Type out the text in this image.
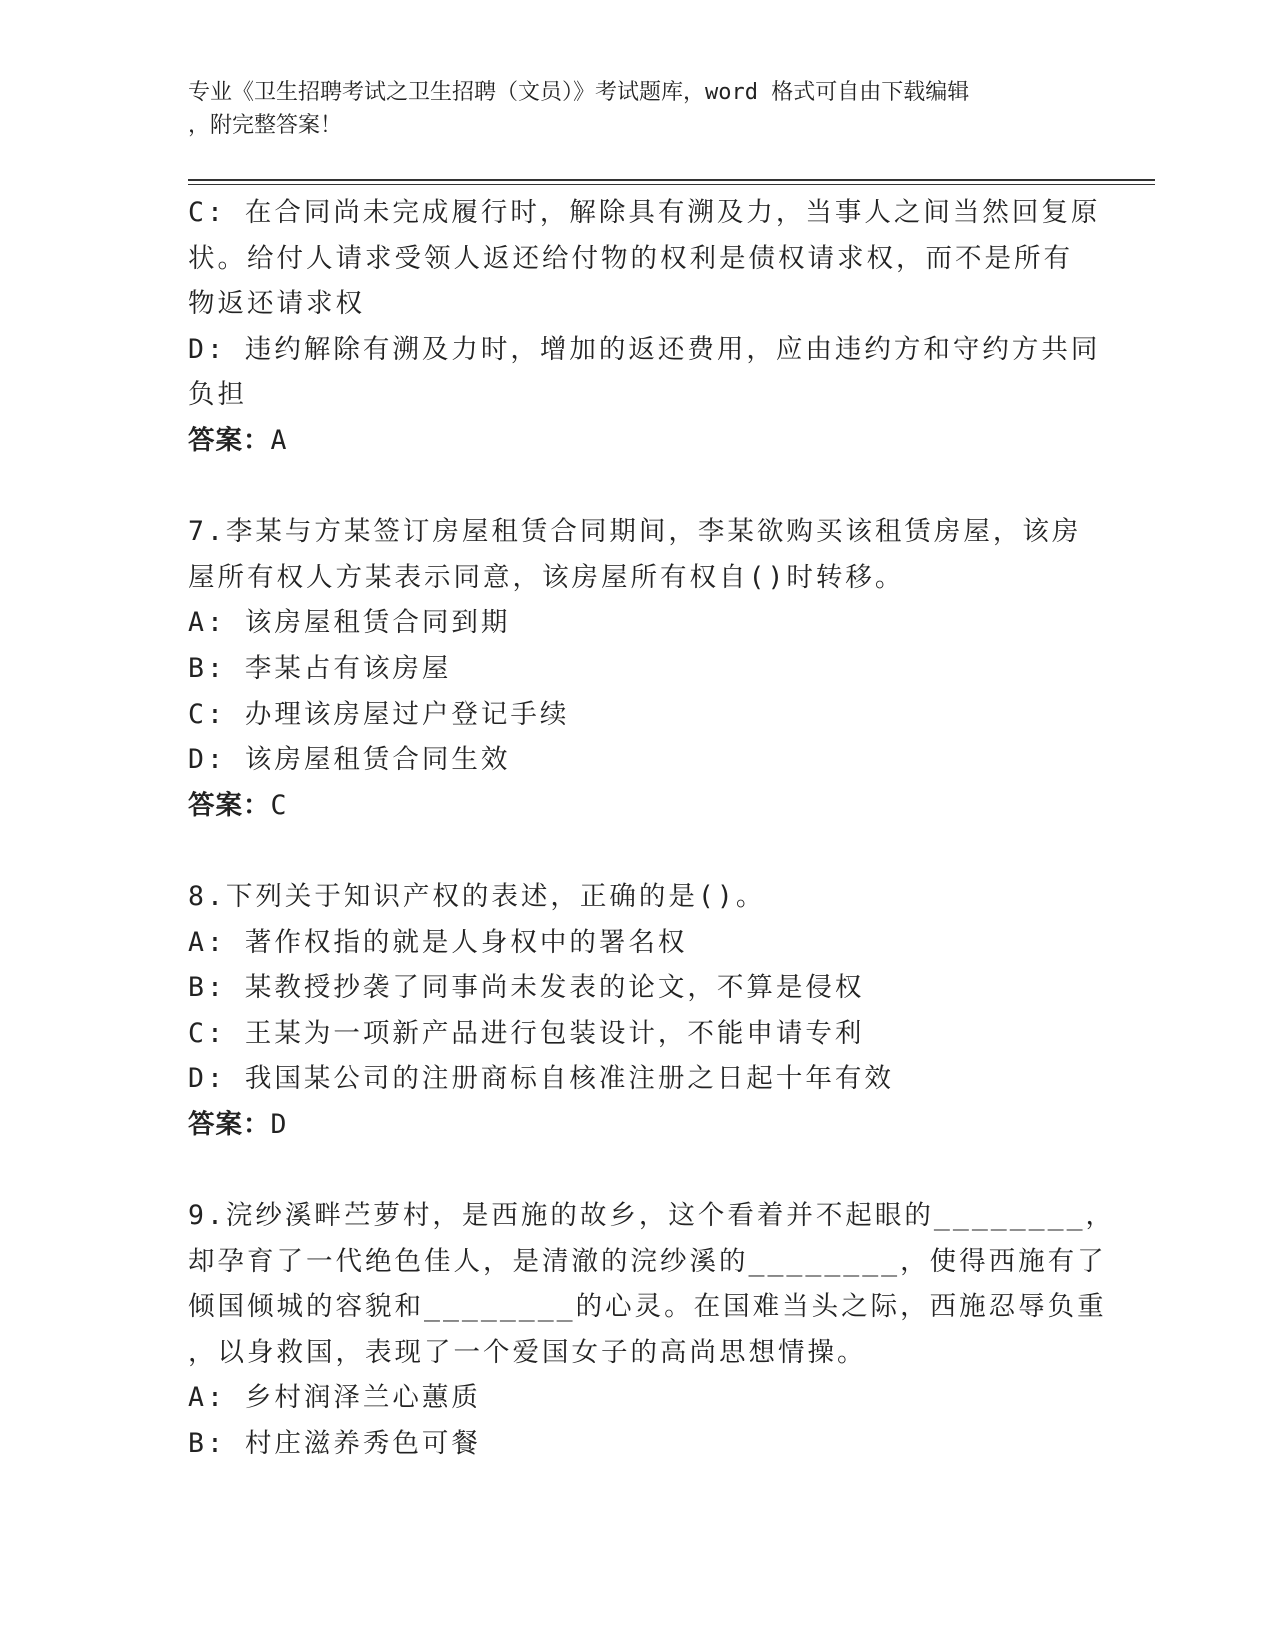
专业《卫生招聘考试之卫生招聘（文员）》考试题库，word 格式可自由下载编辑
，附完整答案！
C: 在合同尚未完成履行时，解除具有溯及力，当事人之间当然回复原
状。给付人请求受领人返还给付物的权利是债权请求权，而不是所有
物返还请求权
D: 违约解除有溯及力时，增加的返还费用，应由违约方和守约方共同
负担
答案：A
7.李某与方某签订房屋租赁合同期间，李某欲购买该租赁房屋，该房
屋所有权人方某表示同意，该房屋所有权自()时转移。
A: 该房屋租赁合同到期
B: 李某占有该房屋
C: 办理该房屋过户登记手续
D: 该房屋租赁合同生效
答案：C
8.下列关于知识产权的表述，正确的是()。
A: 著作权指的就是人身权中的署名权
B: 某教授抄袭了同事尚未发表的论文，不算是侵权
C: 王某为一项新产品进行包装设计，不能申请专利
D: 我国某公司的注册商标自核准注册之日起十年有效
答案：D
9.浣纱溪畔苎萝村，是西施的故乡，这个看着并不起眼的________，
却孕育了一代绝色佳人，是清澈的浣纱溪的________，使得西施有了
倾国倾城的容貌和________的心灵。在国难当头之际，西施忍辱负重
，以身救国，表现了一个爱国女子的高尚思想情操。
A: 乡村润泽兰心蕙质
B: 村庄滋养秀色可餐
